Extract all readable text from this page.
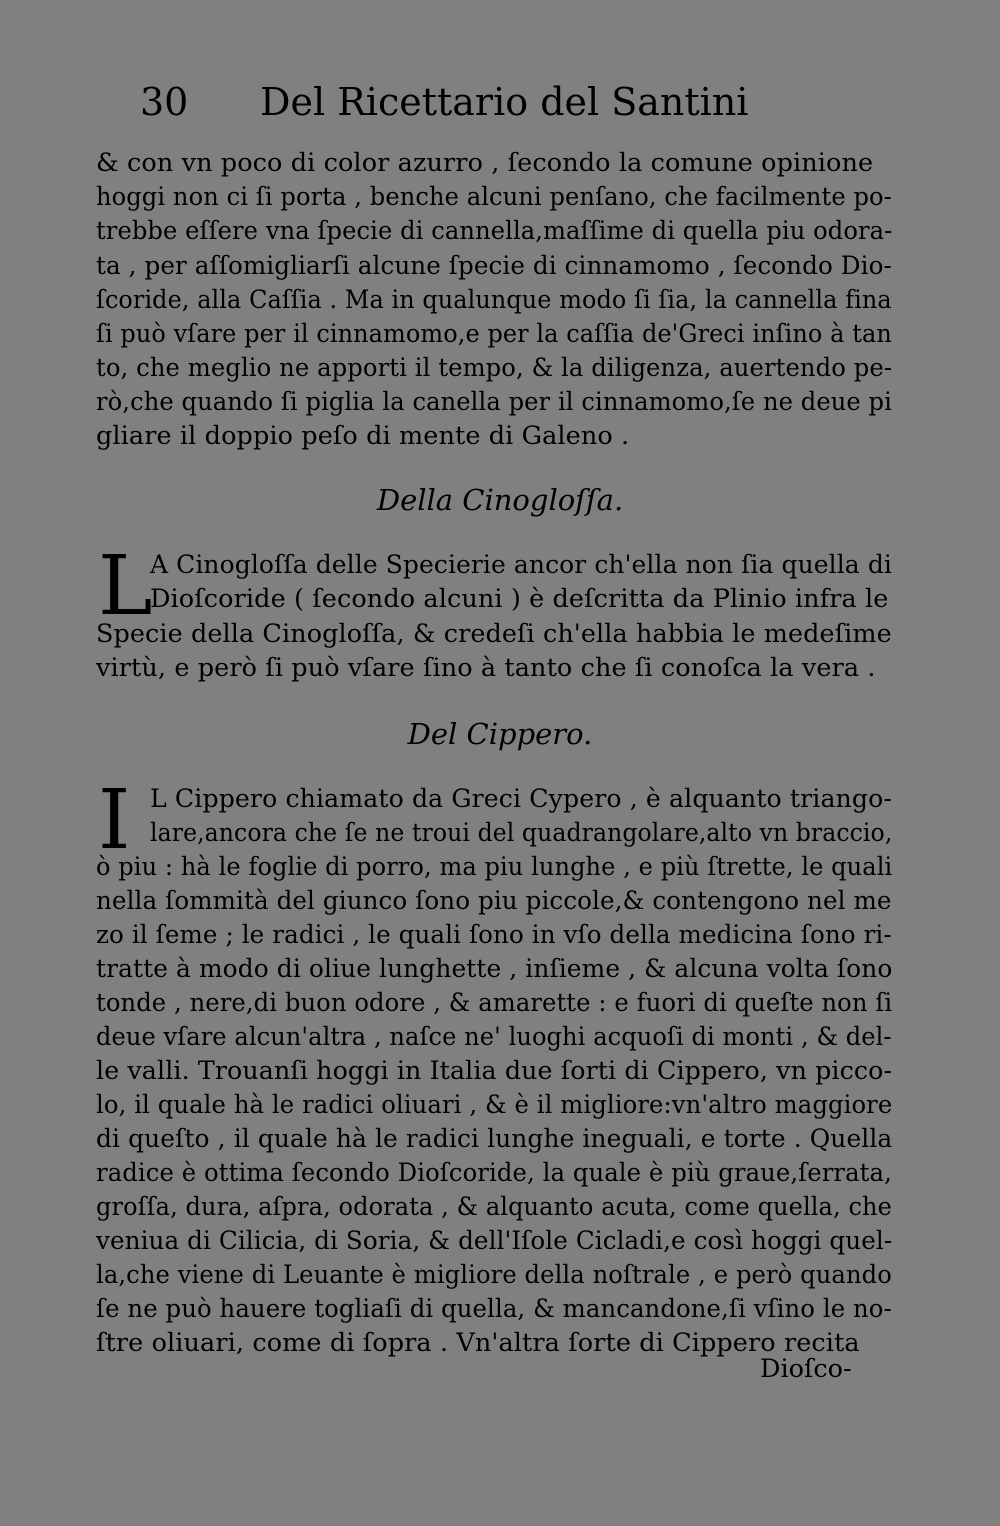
30 Del Ricettario del Santini
& con vn poco di color azurro , ſecondo la comune opinione
hoggi non ci ſi porta , benche alcuni penſano, che facilmente po-
trebbe eſſere vna ſpecie di cannella,maſſime di quella piu odora-
ta , per aſſomigliarſi alcune ſpecie di cinnamomo , ſecondo Dio-
ſcoride, alla Caſſia . Ma in qualunque modo ſi ſia, la cannella fina
ſi può vſare per il cinnamomo,e per la caſſia de'Greci inſino à tan
to, che meglio ne apporti il tempo, & la diligenza, auertendo pe-
rò,che quando ſi piglia la canella per il cinnamomo,ſe ne deue pi
gliare il doppio peſo di mente di Galeno .
Della Cinogloſſa.
L
A Cinogloſſa delle Specierie ancor ch'ella non ſia quella di
Dioſcoride ( ſecondo alcuni ) è deſcritta da Plinio infra le
Specie della Cinogloſſa, & credeſi ch'ella habbia le medeſime
virtù, e però ſi può vſare ſino à tanto che ſi conoſca la vera .
Del Cippero.
I L Cippero chiamato da Greci Cypero , è alquanto triango-
lare,ancora che ſe ne troui del quadrangolare,alto vn braccio,
ò piu : hà le foglie di porro, ma piu lunghe , e più ſtrette, le quali
nella ſommità del giunco ſono piu piccole,& contengono nel me
zo il ſeme ; le radici , le quali ſono in vſo della medicina ſono ri-
tratte à modo di oliue lunghette , inſieme , & alcuna volta ſono
tonde , nere,di buon odore , & amarette : e fuori di queſte non ſi
deue vſare alcun'altra , naſce ne' luoghi acquoſi di monti , & del-
le valli. Trouanſi hoggi in Italia due ſorti di Cippero, vn picco-
lo, il quale hà le radici oliuari , & è il migliore:vn'altro maggiore
di queſto , il quale hà le radici lunghe ineguali, e torte . Quella
radice è ottima ſecondo Dioſcoride, la quale è più graue,ſerrata,
groſſa, dura, aſpra, odorata , & alquanto acuta, come quella, che
veniua di Cilicia, di Soria, & dell'Iſole Cicladi,e così hoggi quel-
la,che viene di Leuante è migliore della noſtrale , e però quando
ſe ne può hauere togliaſi di quella, & mancandone,ſi vſino le no-
ſtre oliuari, come di ſopra . Vn'altra ſorte di Cippero recita
Dioſco-
